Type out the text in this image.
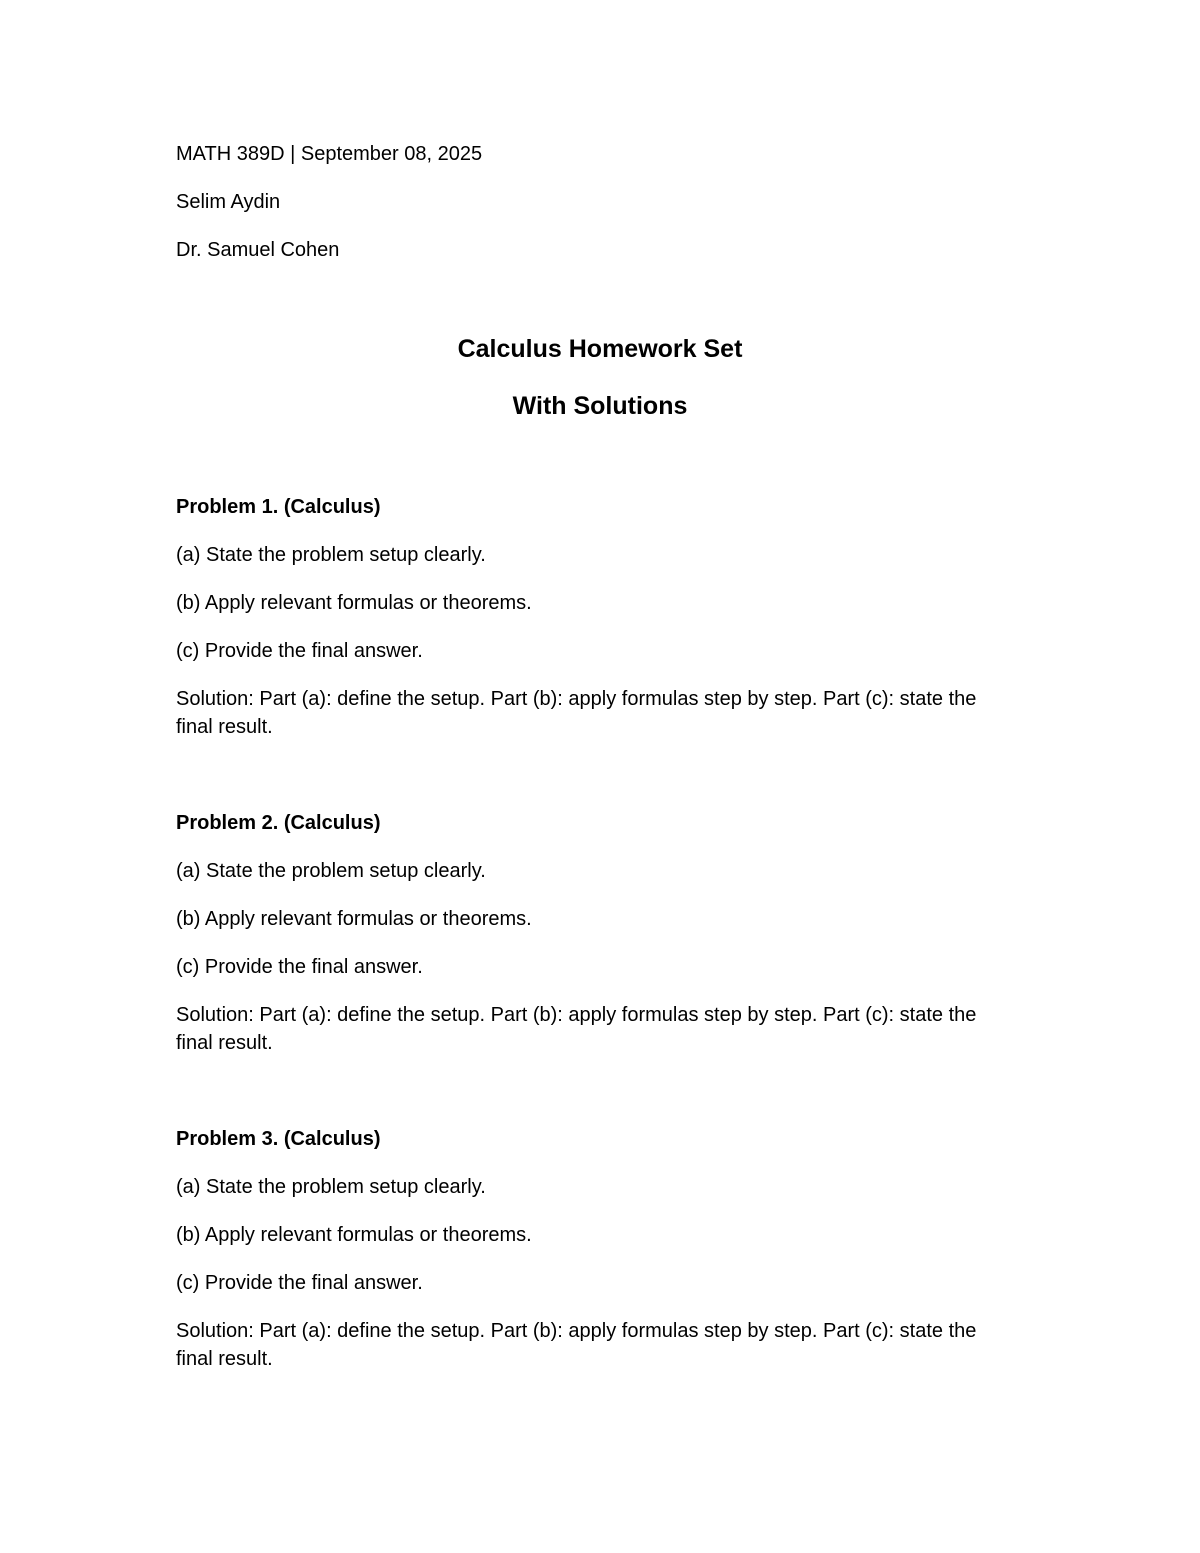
MATH 389D | September 08, 2025
Selim Aydin
Dr. Samuel Cohen
Calculus Homework Set
With Solutions
Problem 1. (Calculus)
(a) State the problem setup clearly.
(b) Apply relevant formulas or theorems.
(c) Provide the final answer.
Solution: Part (a): define the setup. Part (b): apply formulas step by step. Part (c): state the final result.
Problem 2. (Calculus)
(a) State the problem setup clearly.
(b) Apply relevant formulas or theorems.
(c) Provide the final answer.
Solution: Part (a): define the setup. Part (b): apply formulas step by step. Part (c): state the final result.
Problem 3. (Calculus)
(a) State the problem setup clearly.
(b) Apply relevant formulas or theorems.
(c) Provide the final answer.
Solution: Part (a): define the setup. Part (b): apply formulas step by step. Part (c): state the final result.
